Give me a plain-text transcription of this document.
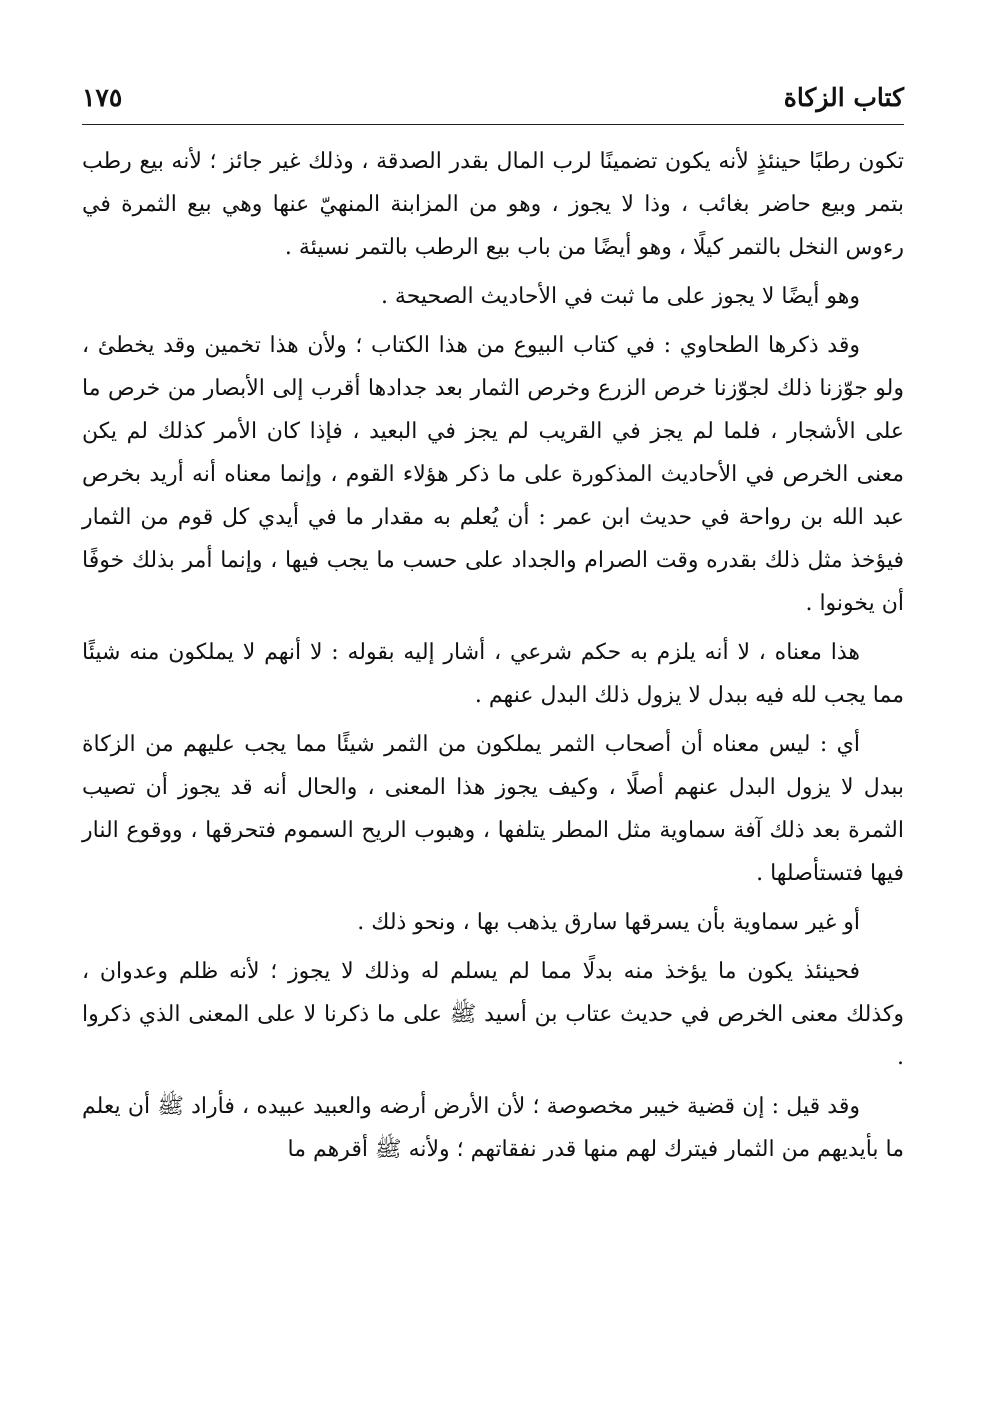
كتاب الزكاة
١٧٥

تكون رطبًا حينئذٍ لأنه يكون تضمينًا لرب المال بقدر الصدقة ، وذلك غير جائز ؛ لأنه بيع رطب بتمر وبيع حاضر بغائب ، وذا لا يجوز ، وهو من المزابنة المنهيّ عنها وهي بيع الثمرة في رءوس النخل بالتمر كيلًا ، وهو أيضًا من باب بيع الرطب بالتمر نسيئة .

وهو أيضًا لا يجوز على ما ثبت في الأحاديث الصحيحة .

وقد ذكرها الطحاوي : في كتاب البيوع من هذا الكتاب ؛ ولأن هذا تخمين وقد يخطئ ، ولو جوّزنا ذلك لجوّزنا خرص الزرع وخرص الثمار بعد جدادها أقرب إلى الأبصار من خرص ما على الأشجار ، فلما لم يجز في القريب لم يجز في البعيد ، فإذا كان الأمر كذلك لم يكن معنى الخرص في الأحاديث المذكورة على ما ذكر هؤلاء القوم ، وإنما معناه أنه أريد بخرص عبد الله بن رواحة في حديث ابن عمر : أن يُعلم به مقدار ما في أيدي كل قوم من الثمار فيؤخذ مثل ذلك بقدره وقت الصرام والجداد على حسب ما يجب فيها ، وإنما أمر بذلك خوفًا أن يخونوا .

هذا معناه ، لا أنه يلزم به حكم شرعي ، أشار إليه بقوله : لا أنهم لا يملكون منه شيئًا مما يجب لله فيه ببدل لا يزول ذلك البدل عنهم .

أي : ليس معناه أن أصحاب الثمر يملكون من الثمر شيئًا مما يجب عليهم من الزكاة ببدل لا يزول البدل عنهم أصلًا ، وكيف يجوز هذا المعنى ، والحال أنه قد يجوز أن تصيب الثمرة بعد ذلك آفة سماوية مثل المطر يتلفها ، وهبوب الريح السموم فتحرقها ، ووقوع النار فيها فتستأصلها .

أو غير سماوية بأن يسرقها سارق يذهب بها ، ونحو ذلك .

فحينئذ يكون ما يؤخذ منه بدلًا مما لم يسلم له وذلك لا يجوز ؛ لأنه ظلم وعدوان ، وكذلك معنى الخرص في حديث عتاب بن أسيد ﷺ على ما ذكرنا لا على المعنى الذي ذكروا .

وقد قيل : إن قضية خيبر مخصوصة ؛ لأن الأرض أرضه والعبيد عبيده ، فأراد ﷺ أن يعلم ما بأيديهم من الثمار فيترك لهم منها قدر نفقاتهم ؛ ولأنه ﷺ أقرهم ما
